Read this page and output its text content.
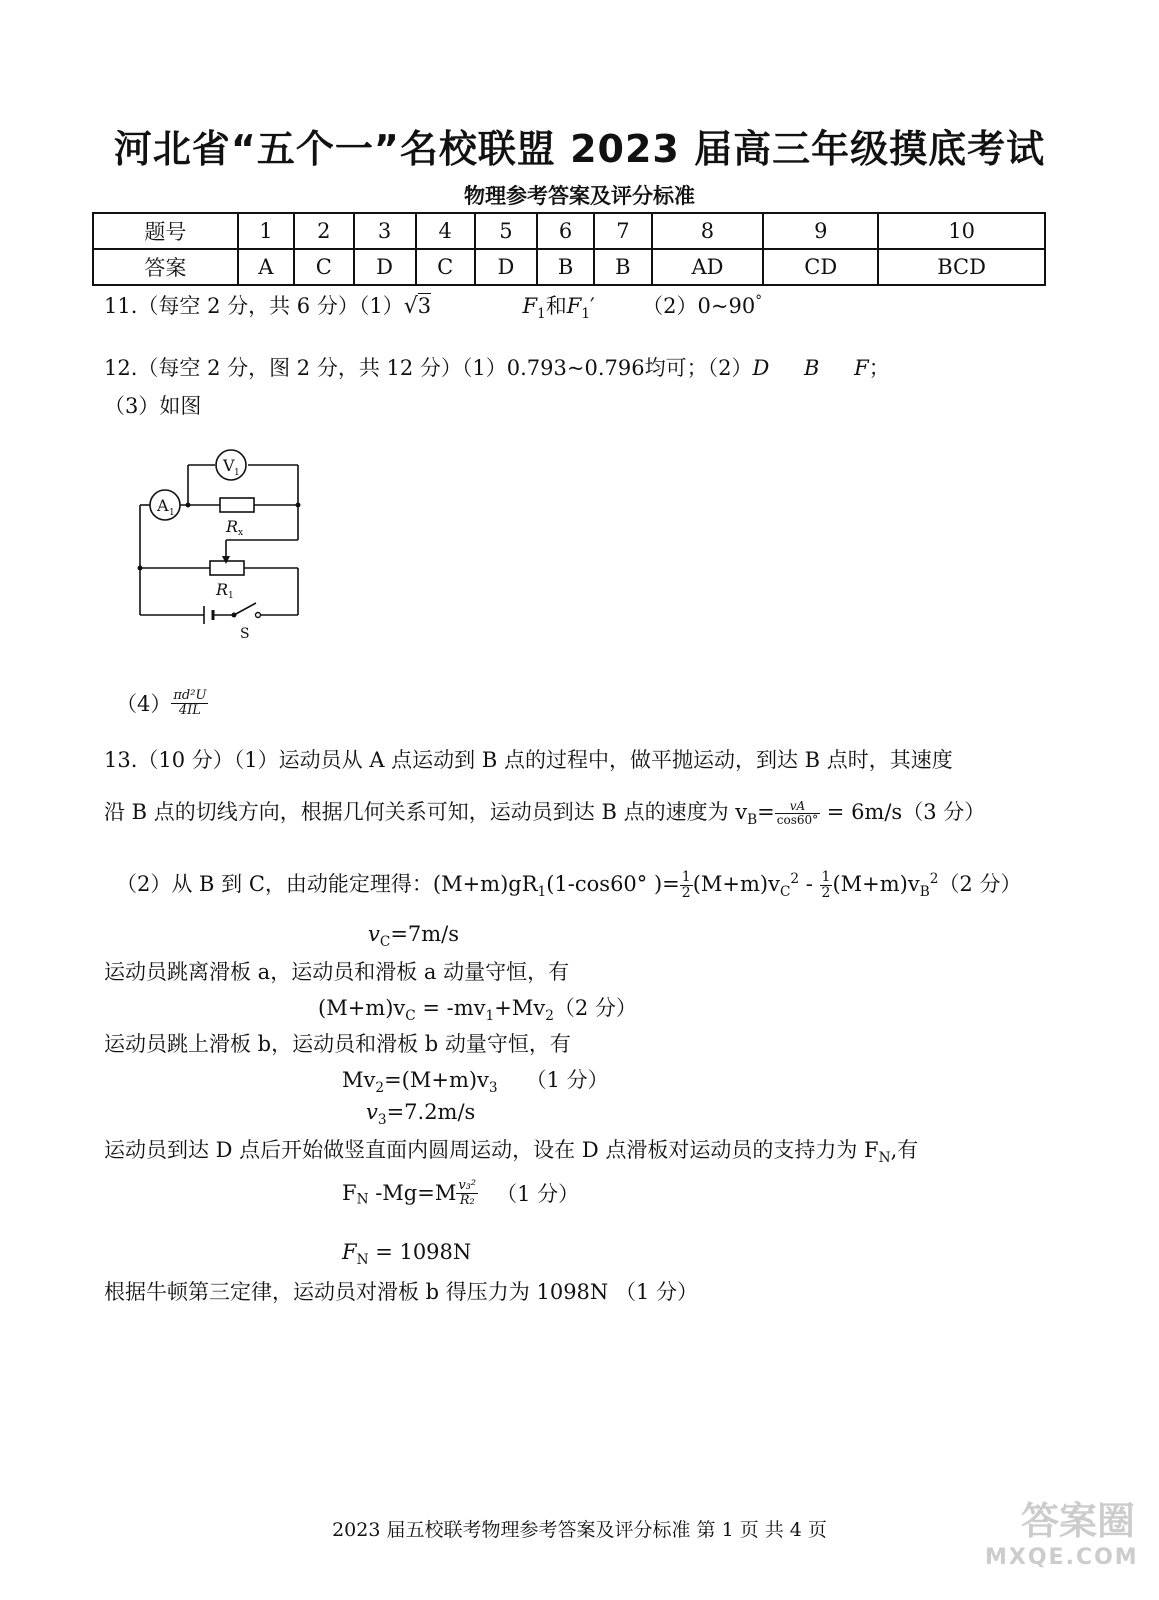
河北省“五个一”名校联盟 2023 届高三年级摸底考试
物理参考答案及评分标准
题号	1	2	3	4	5	6	7	8	9	10
答案	A	C	D	C	D	B	B	AD	CD	BCD
11.（每空 2 分，共 6 分）（1）√3	$F_1$和$F_1'$ （2）0~90°
12.（每空 2 分，图 2 分，共 12 分）（1）0.793~0.796均可；（2）D B F；
（3）如图
V 1
A 1
R x
R 1
S
$(4) \frac{\text{πd²U}}{4IL}$
13.（10 分）（1）运动员从 A 点运动到 B 点的过程中，做平抛运动，到达 B 点时，其速度
沿 B 点的切线方向，根据几何关系可知，运动员到达 B 点的速度为 $v_B= \frac{vA}{\cos 60^\circ} = 6m/s(3$ 分）
（2）从 B 到 C，由动能定理得：$(M+m)gR_1(1-\cos 60^\circ$ )= $\frac{1}{2} (M+m)v_C^2 - \frac{1}{2} (M+m)v_B^2(2$ 分）
$v_C=7m/s$
运动员跳离滑板 a，运动员和滑板 a 动量守恒，有
$(M+m)v_C = -mv_1+Mv_2(2$ 分）
运动员跳上滑板 b，运动员和滑板 b 动量守恒，有
$Mv_2=(M+m)v_3$ （1 分）
$v_3=7.2m/s$
运动员到达 D 点后开始做竖直面内圆周运动，设在 D 点滑板对运动员的支持力为 $F_N$,有
$F_N$ $-Mg=M \frac{\text{v₃²}}{\text{R₂}} (1$ 分）
$F_N = 1098N$
根据牛顿第三定律，运动员对滑板 b 得压力为 1098N （1 分）
2023 届五校联考物理参考答案及评分标准 第 1 页 共 4 页	答案圈
MXQE.COM
